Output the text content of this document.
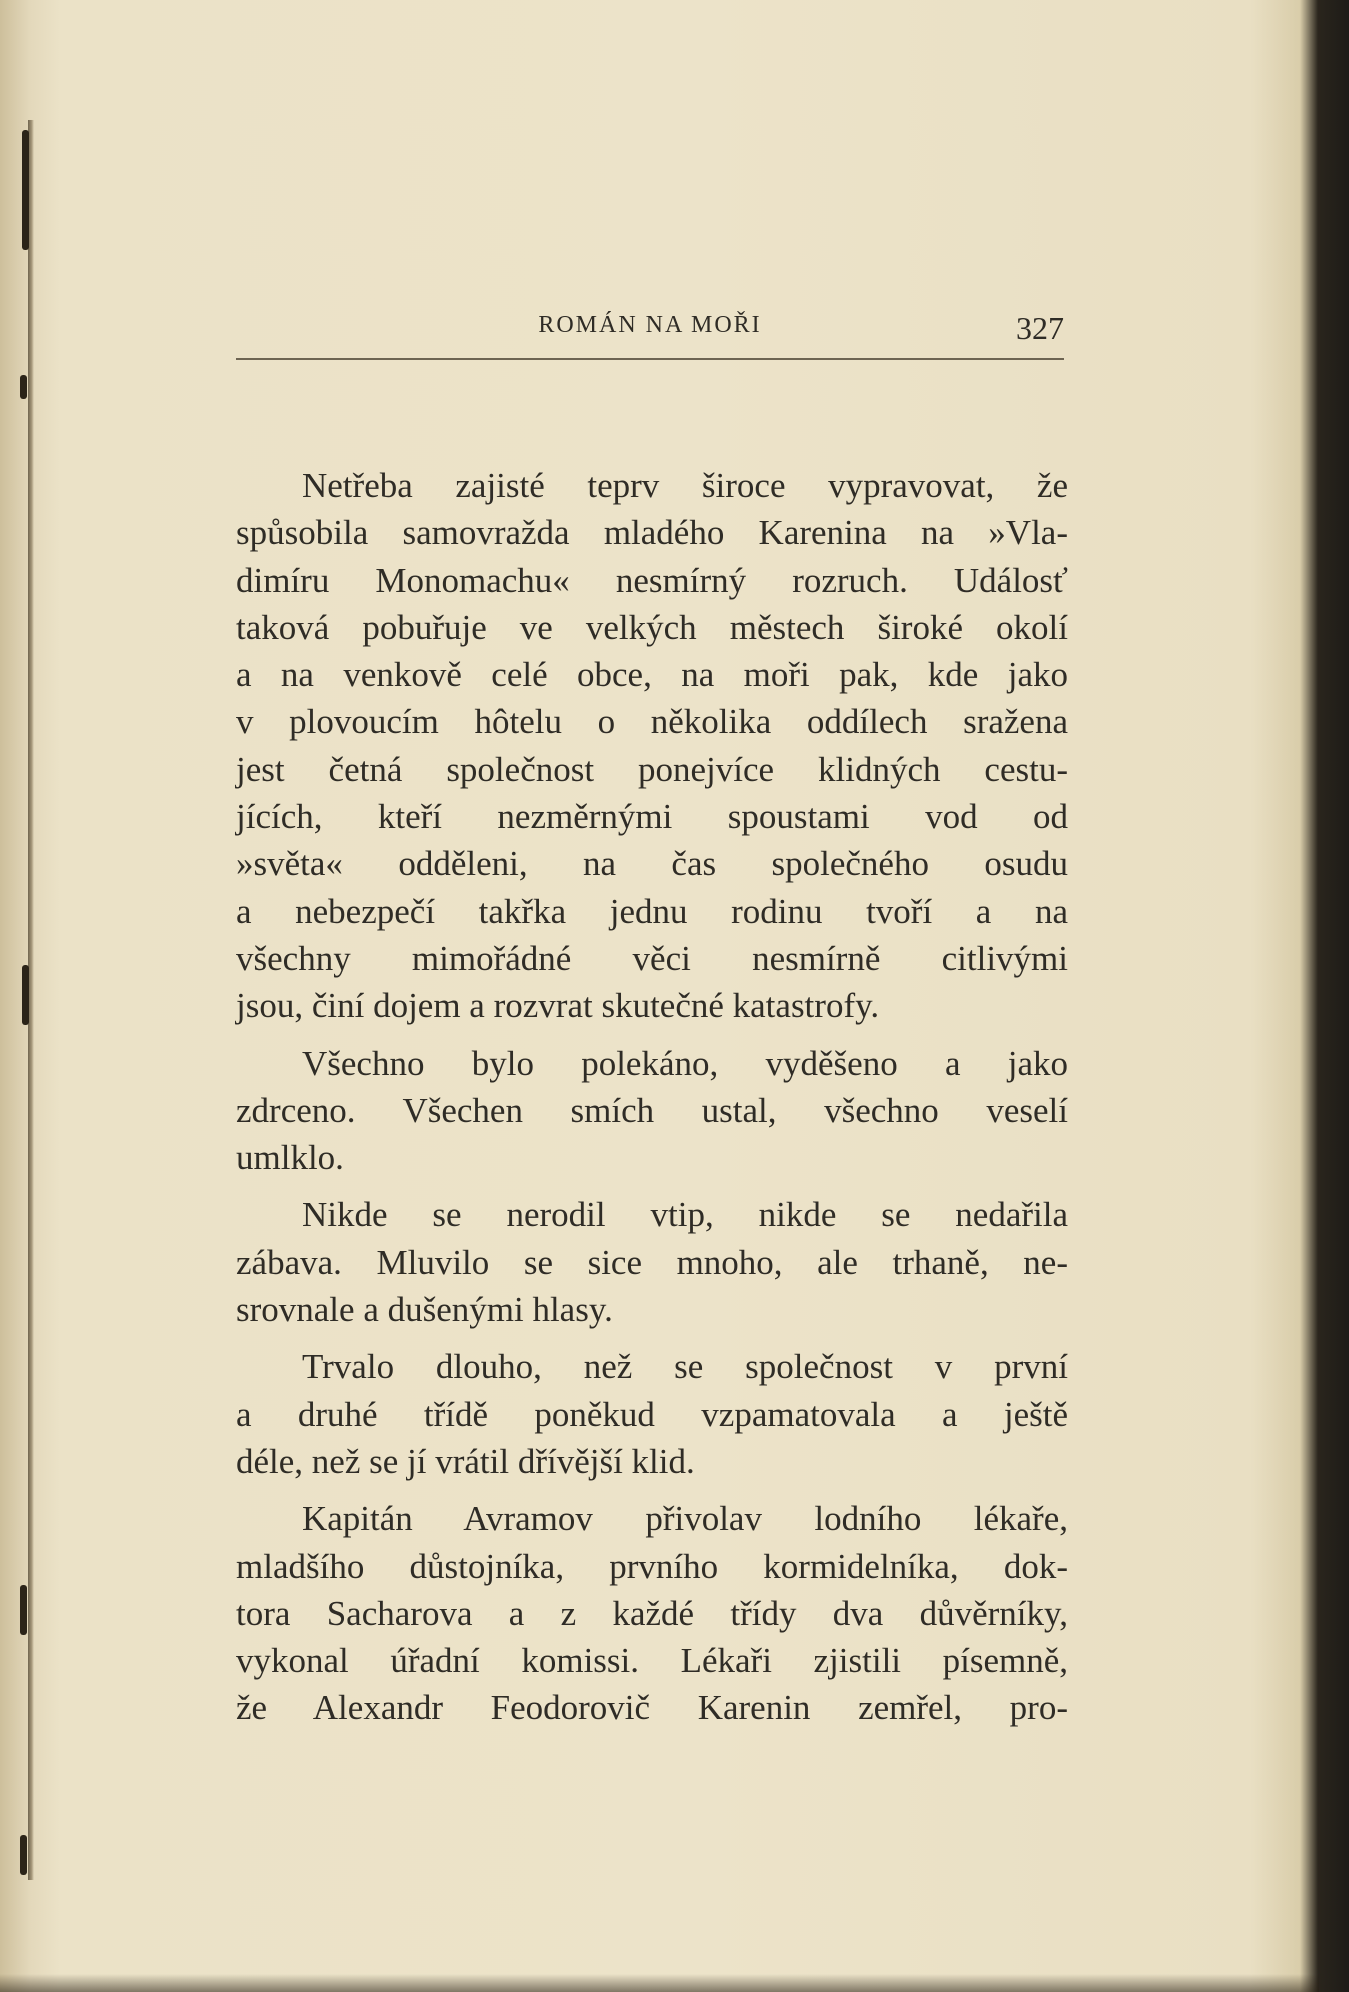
ROMÁN NA MOŘI	327
Netřeba zajisté teprv široce vypravovat, že
spůsobila samovražda mladého Karenina na »Vla-
dimíru Monomachu« nesmírný rozruch. Událosť
taková pobuřuje ve velkých městech široké okolí
a na venkově celé obce, na moři pak, kde jako
v plovoucím hôtelu o několika oddílech sražena
jest četná společnost ponejvíce klidných cestu-
jících, kteří nezměrnými spoustami vod od
»světa« odděleni, na čas společného osudu
a nebezpečí takřka jednu rodinu tvoří a na
všechny mimořádné věci nesmírně citlivými
jsou, činí dojem a rozvrat skutečné katastrofy.
Všechno bylo polekáno, vyděšeno a jako
zdrceno. Všechen smích ustal, všechno veselí
umlklo.
Nikde se nerodil vtip, nikde se nedařila
zábava. Mluvilo se sice mnoho, ale trhaně, ne-
srovnale a dušenými hlasy.
Trvalo dlouho, než se společnost v první
a druhé třídě poněkud vzpamatovala a ještě
déle, než se jí vrátil dřívější klid.
Kapitán Avramov přivolav lodního lékaře,
mladšího důstojníka, prvního kormidelníka, dok-
tora Sacharova a z každé třídy dva důvěrníky,
vykonal úřadní komissi. Lékaři zjistili písemně,
že Alexandr Feodorovič Karenin zemřel, pro-
